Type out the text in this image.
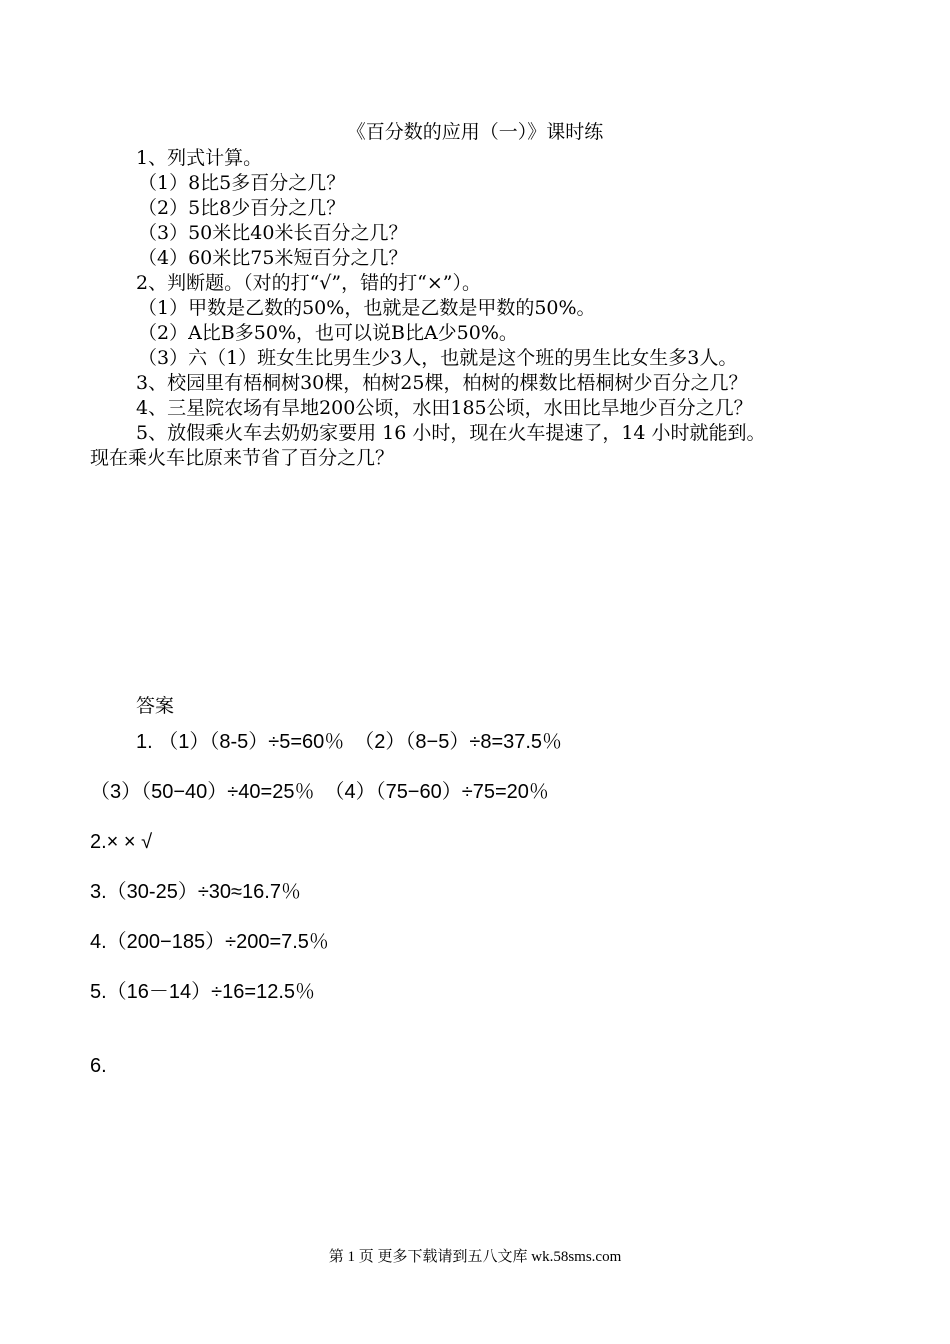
《百分数的应用（一）》课时练
1、列式计算。
（1）8比5多百分之几？
（2）5比8少百分之几？
（3）50米比40米长百分之几？
（4）60米比75米短百分之几？
2、判断题。（对的打“√”，错的打“×”）。
（1）甲数是乙数的50%，也就是乙数是甲数的50%。
（2）A比B多50%，也可以说B比A少50%。
（3）六（1）班女生比男生少3人，也就是这个班的男生比女生多3人。
3、校园里有梧桐树30棵，柏树25棵，柏树的棵数比梧桐树少百分之几？
4、三星院农场有旱地200公顷，水田185公顷，水田比旱地少百分之几？
5、放假乘火车去奶奶家要用 16 小时，现在火车提速了，14 小时就能到。
现在乘火车比原来节省了百分之几？
答案
1. （1）（8-5）÷5=60％　（2）（8−5）÷8=37.5％
（3）（50−40）÷40=25％　（4）（75−60）÷75=20％
2.× × √
3.（30-25）÷30≈16.7％
4.（200−185）÷200=7.5％
5.（16－14）÷16=12.5％
6.
第 1 页 更多下载请到五八文库 wk.58sms.com
